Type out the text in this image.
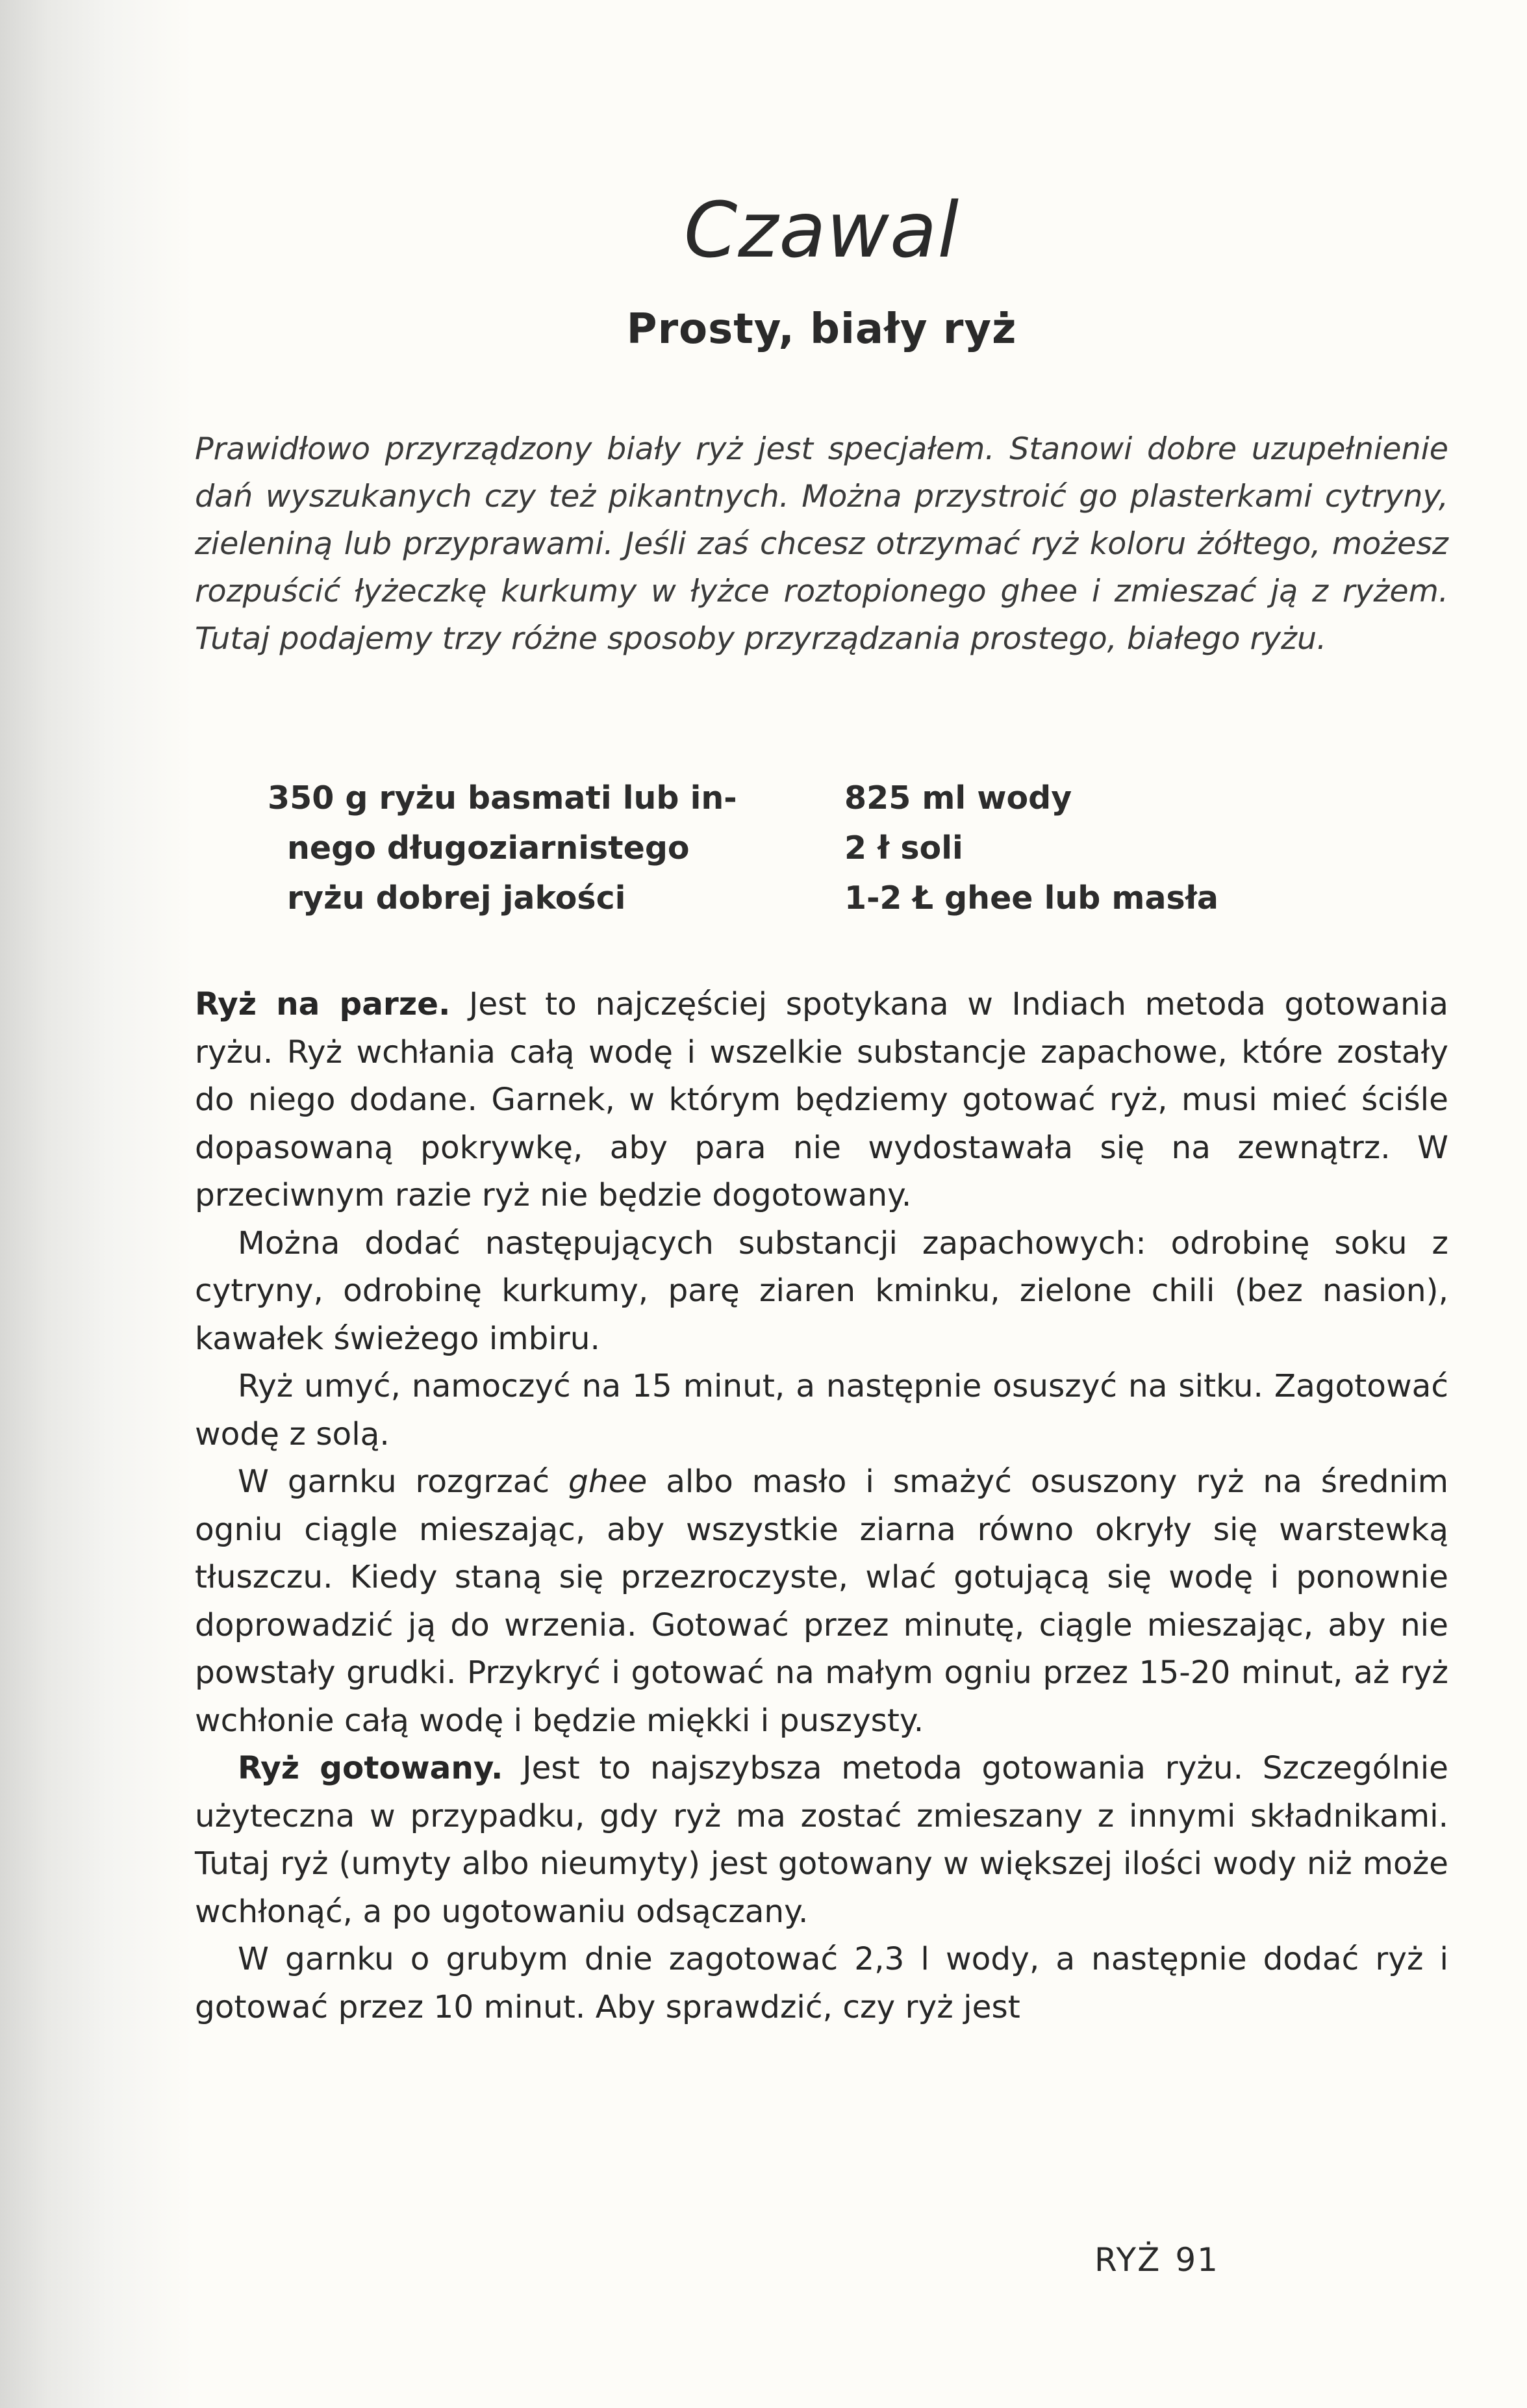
Czawal
Prosty, biały ryż

Prawidłowo przyrządzony biały ryż jest specjałem. Stanowi dobre uzupełnienie dań wyszukanych czy też pikantnych. Można przystroić go plasterkami cytryny, zieleniną lub przyprawami. Jeśli zaś chcesz otrzymać ryż koloru żółtego, możesz rozpuścić łyżeczkę kurkumy w łyżce roztopionego ghee i zmieszać ją z ryżem. Tutaj podajemy trzy różne sposoby przyrządzania prostego, białego ryżu.

350 g ryżu basmati lub in-
nego długoziarnistego
ryżu dobrej jakości
825 ml wody
2 ł soli
1-2 Ł ghee lub masła

Ryż na parze. Jest to najczęściej spotykana w Indiach metoda gotowania ryżu. Ryż wchłania całą wodę i wszelkie substancje zapachowe, które zostały do niego dodane. Garnek, w którym będziemy gotować ryż, musi mieć ściśle dopasowaną pokrywkę, aby para nie wydostawała się na zewnątrz. W przeciwnym razie ryż nie będzie dogotowany.

Można dodać następujących substancji zapachowych: odrobinę soku z cytryny, odrobinę kurkumy, parę ziaren kminku, zielone chili (bez nasion), kawałek świeżego imbiru.

Ryż umyć, namoczyć na 15 minut, a następnie osuszyć na sitku. Zagotować wodę z solą.

W garnku rozgrzać ghee albo masło i smażyć osuszony ryż na średnim ogniu ciągle mieszając, aby wszystkie ziarna równo okryły się warstewką tłuszczu. Kiedy staną się przezroczyste, wlać gotującą się wodę i ponownie doprowadzić ją do wrzenia. Gotować przez minutę, ciągle mieszając, aby nie powstały grudki. Przykryć i gotować na małym ogniu przez 15-20 minut, aż ryż wchłonie całą wodę i będzie miękki i puszysty.

Ryż gotowany. Jest to najszybsza metoda gotowania ryżu. Szczególnie użyteczna w przypadku, gdy ryż ma zostać zmieszany z innymi składnikami. Tutaj ryż (umyty albo nieumyty) jest gotowany w większej ilości wody niż może wchłonąć, a po ugotowaniu odsączany.

W garnku o grubym dnie zagotować 2,3 l wody, a następnie dodać ryż i gotować przez 10 minut. Aby sprawdzić, czy ryż jest

RYŻ 91
